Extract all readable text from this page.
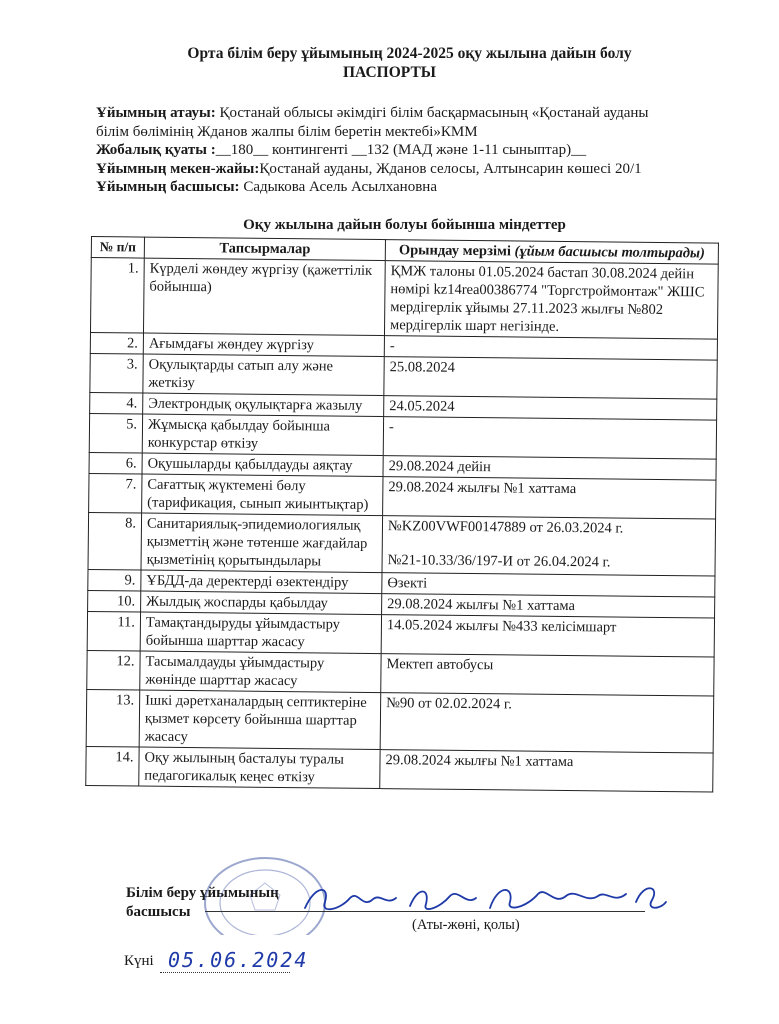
Орта білім беру ұйымының 2024-2025 оқу жылына дайын болу
ПАСПОРТЫ
Ұйымның атауы: Қостанай облысы әкімдігі білім басқармасының «Қостанай ауданы
білім бөлімінің Жданов жалпы білім беретін мектебі»КММ
Жобалық қуаты :__180__ контингенті __132 (МАД және 1-11 сыныптар)__
Ұйымның мекен-жайы:Қостанай ауданы, Жданов селосы, Алтынсарин көшесі 20/1
Ұйымның басшысы: Садыкова Асель Асылхановна
Оқу жылына дайын болуы бойынша міндеттер
№ п/п	Тапсырмалар	Орындау мерзімі (ұйым басшысы толтырады)
1.	Күрделі жөндеу жүргізу (қажеттілік бойынша)	ҚМЖ талоны 01.05.2024 бастап 30.08.2024 дейін нөмірі kz14rea00386774 "Торгстроймонтаж" ЖШС мердігерлік ұйымы 27.11.2023 жылғы №802 мердігерлік шарт негізінде.

2.	Ағымдағы жөндеу жүргізу	-

3.	Оқулықтарды сатып алу және жеткізу	25.08.2024

4.	Электрондық оқулықтарға жазылу	24.05.2024

5.	Жұмысқа қабылдау бойынша конкурстар өткізу	-

6.	Оқушыларды қабылдауды аяқтау	29.08.2024 дейін

7.	Сағаттық жүктемені бөлу (тарификация, сынып жиынтықтар)	29.08.2024 жылғы №1 хаттама

8.	Санитариялық-эпидемиологиялық қызметтің және төтенше жағдайлар қызметінің қорытындылары	№KZ00VWF00147889 от 26.03.2024 г.
№21-10.33/36/197-И от 26.04.2024 г.

9.	ҰБДД-да деректерді өзектендіру	Өзекті

10.	Жылдық жоспарды қабылдау	29.08.2024 жылғы №1 хаттама

11.	Тамақтандыруды ұйымдастыру бойынша шарттар жасасу	14.05.2024 жылғы №433 келісімшарт

12.	Тасымалдауды ұйымдастыру жөнінде шарттар жасасу	Мектеп автобусы

13.	Ішкі дәретханалардың септиктеріне қызмет көрсету бойынша шарттар жасасу	№90 от 02.02.2024 г.

14.	Оқу жылының басталуы туралы педагогикалық кеңес өткізу	29.08.2024 жылғы №1 хаттама
Білім беру ұйымының
басшысы
(Аты-жөні, қолы)
Күні 05.06.2024
